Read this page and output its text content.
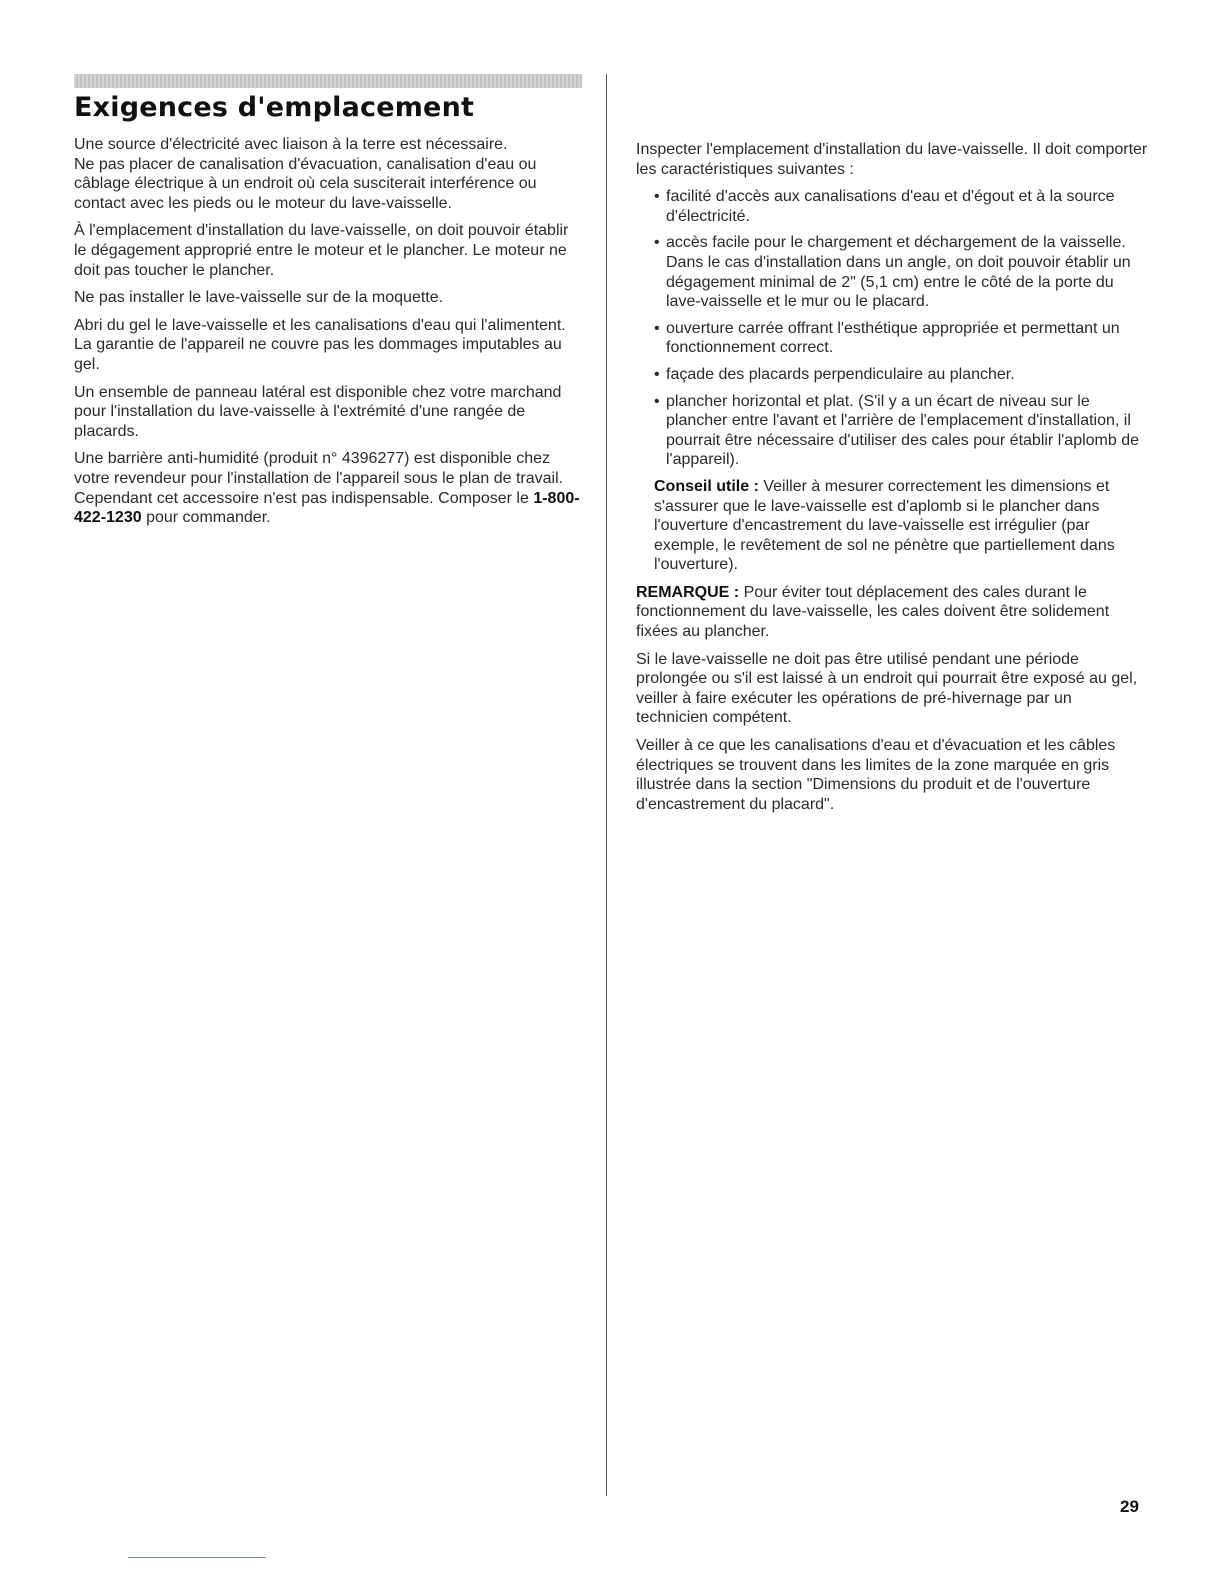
Exigences d'emplacement

Une source d'électricité avec liaison à la terre est nécessaire.

Ne pas placer de canalisation d'évacuation, canalisation d'eau ou câblage électrique à un endroit où cela susciterait interférence ou contact avec les pieds ou le moteur du lave-vaisselle.

À l'emplacement d'installation du lave-vaisselle, on doit pouvoir établir le dégagement approprié entre le moteur et le plancher. Le moteur ne doit pas toucher le plancher.

Ne pas installer le lave-vaisselle sur de la moquette.

Abri du gel le lave-vaisselle et les canalisations d'eau qui l'alimentent. La garantie de l'appareil ne couvre pas les dommages imputables au gel.

Un ensemble de panneau latéral est disponible chez votre marchand pour l'installation du lave-vaisselle à l'extrémité d'une rangée de placards.

Une barrière anti-humidité (produit n° 4396277) est disponible chez votre revendeur pour l'installation de l'appareil sous le plan de travail. Cependant cet accessoire n'est pas indispensable. Composer le 1-800-422-1230 pour commander.

Inspecter l'emplacement d'installation du lave-vaisselle. Il doit comporter les caractéristiques suivantes :

• facilité d'accès aux canalisations d'eau et d'égout et à la source d'électricité.
• accès facile pour le chargement et déchargement de la vaisselle.
Dans le cas d'installation dans un angle, on doit pouvoir établir un dégagement minimal de 2" (5,1 cm) entre le côté de la porte du lave-vaisselle et le mur ou le placard.
• ouverture carrée offrant l'esthétique appropriée et permettant un fonctionnement correct.
• façade des placards perpendiculaire au plancher.
• plancher horizontal et plat. (S'il y a un écart de niveau sur le plancher entre l'avant et l'arrière de l'emplacement d'installation, il pourrait être nécessaire d'utiliser des cales pour établir l'aplomb de l'appareil).

Conseil utile : Veiller à mesurer correctement les dimensions et s'assurer que le lave-vaisselle est d'aplomb si le plancher dans l'ouverture d'encastrement du lave-vaisselle est irrégulier (par exemple, le revêtement de sol ne pénètre que partiellement dans l'ouverture).

REMARQUE : Pour éviter tout déplacement des cales durant le fonctionnement du lave-vaisselle, les cales doivent être solidement fixées au plancher.

Si le lave-vaisselle ne doit pas être utilisé pendant une période prolongée ou s'il est laissé à un endroit qui pourrait être exposé au gel, veiller à faire exécuter les opérations de pré-hivernage par un technicien compétent.

Veiller à ce que les canalisations d'eau et d'évacuation et les câbles électriques se trouvent dans les limites de la zone marquée en gris illustrée dans la section "Dimensions du produit et de l'ouverture d'encastrement du placard".

29
